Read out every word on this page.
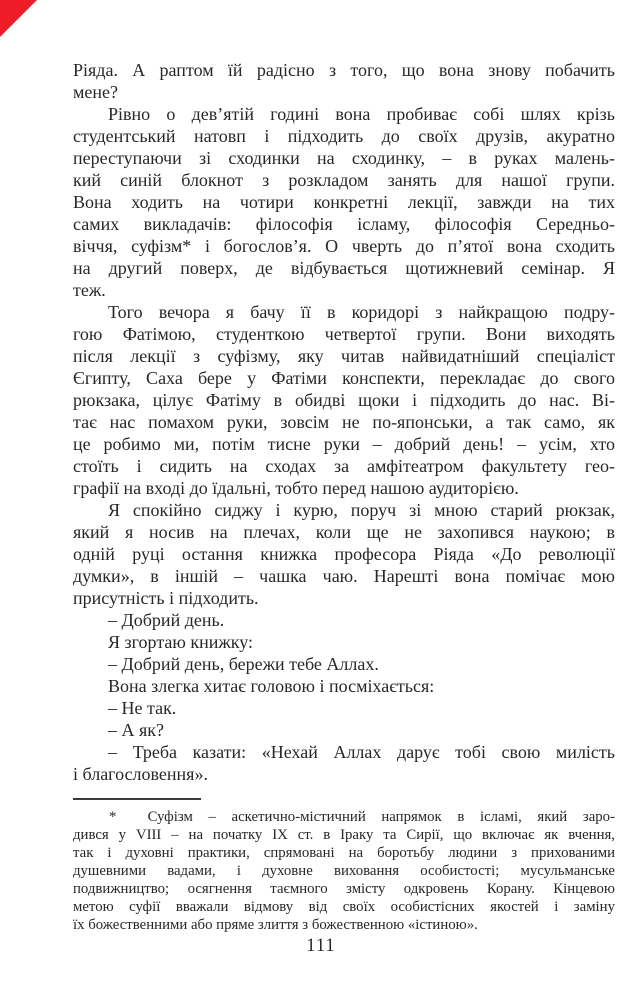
Ріяда. А раптом їй радісно з того, що вона знову побачить
мене?
Рівно о дев’ятій годині вона пробиває собі шлях крізь
студентський натовп і підходить до своїх друзів, акуратно
переступаючи зі сходинки на сходинку, – в руках малень-
кий синій блокнот з розкладом занять для нашої групи.
Вона ходить на чотири конкретні лекції, завжди на тих
самих викладачів: філософія ісламу, філософія Середньо-
віччя, суфізм* і богослов’я. О чверть до п’ятої вона сходить
на другий поверх, де відбувається щотижневий семінар. Я
теж.
Того вечора я бачу її в коридорі з найкращою подру-
гою Фатімою, студенткою четвертої групи. Вони виходять
після лекції з суфізму, яку читав найвидатніший спеціаліст
Єгипту, Саха бере у Фатіми конспекти, перекладає до свого
рюкзака, цілує Фатіму в обидві щоки і підходить до нас. Ві-
тає нас помахом руки, зовсім не по-японськи, а так само, як
це робимо ми, потім тисне руки – добрий день! – усім, хто
стоїть і сидить на сходах за амфітеатром факультету гео-
графії на вході до їдальні, тобто перед нашою аудиторією.
Я спокійно сиджу і курю, поруч зі мною старий рюкзак,
який я носив на плечах, коли ще не захопився наукою; в
одній руці остання книжка професора Ріяда «До революції
думки», в іншій – чашка чаю. Нарешті вона помічає мою
присутність і підходить.
– Добрий день.
Я згортаю книжку:
– Добрий день, бережи тебе Аллах.
Вона злегка хитає головою і посміхається:
– Не так.
– А як?
– Треба казати: «Нехай Аллах дарує тобі свою милість
і благословення».
*  Суфізм – аскетично-містичний напрямок в ісламі, який заро-
дився у VIII – на початку IX ст. в Іраку та Сирії, що включає як вчення,
так і духовні практики, спрямовані на боротьбу людини з прихованими
душевними вадами, і духовне виховання особистості; мусульманське
подвижництво; осягнення таємного змісту одкровень Корану. Кінцевою
метою суфії вважали відмову від своїх особистісних якостей і заміну
їх божественними або пряме злиття з божественною «істиною».
111
